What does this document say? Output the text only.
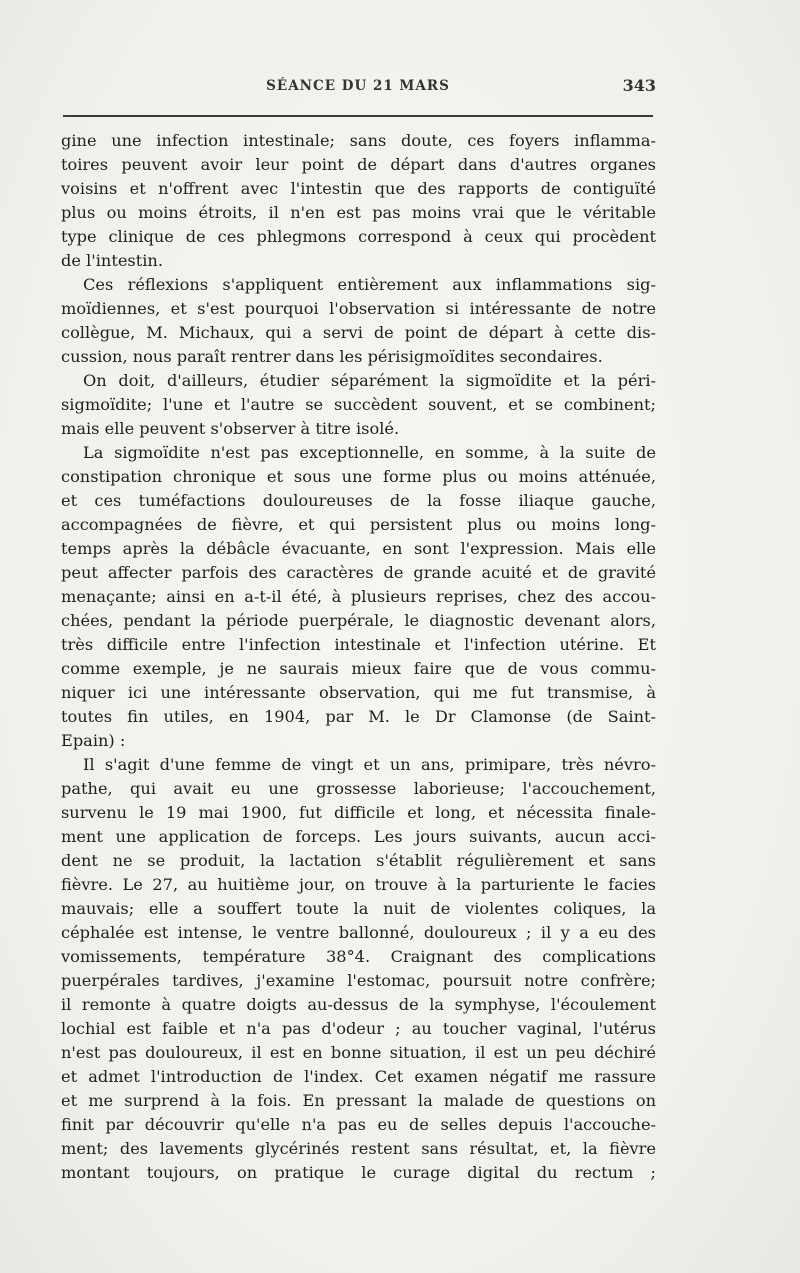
SÉANCE DU 21 MARS	343
gine une infection intestinale; sans doute, ces foyers inflamma-
toires peuvent avoir leur point de départ dans d'autres organes
voisins et n'offrent avec l'intestin que des rapports de contiguïté
plus ou moins étroits, il n'en est pas moins vrai que le véritable
type clinique de ces phlegmons correspond à ceux qui procèdent
de l'intestin.
Ces réflexions s'appliquent entièrement aux inflammations sig-
moïdiennes, et s'est pourquoi l'observation si intéressante de notre
collègue, M. Michaux, qui a servi de point de départ à cette dis-
cussion, nous paraît rentrer dans les périsigmoïdites secondaires.
On doit, d'ailleurs, étudier séparément la sigmoïdite et la péri-
sigmoïdite; l'une et l'autre se succèdent souvent, et se combinent;
mais elle peuvent s'observer à titre isolé.
La sigmoïdite n'est pas exceptionnelle, en somme, à la suite de
constipation chronique et sous une forme plus ou moins atténuée,
et ces tuméfactions douloureuses de la fosse iliaque gauche,
accompagnées de fièvre, et qui persistent plus ou moins long-
temps après la débâcle évacuante, en sont l'expression. Mais elle
peut affecter parfois des caractères de grande acuité et de gravité
menaçante; ainsi en a-t-il été, à plusieurs reprises, chez des accou-
chées, pendant la période puerpérale, le diagnostic devenant alors,
très difficile entre l'infection intestinale et l'infection utérine. Et
comme exemple, je ne saurais mieux faire que de vous commu-
niquer ici une intéressante observation, qui me fut transmise, à
toutes fin utiles, en 1904, par M. le Dr Clamonse (de Saint-
Epain) :
Il s'agit d'une femme de vingt et un ans, primipare, très névro-
pathe, qui avait eu une grossesse laborieuse; l'accouchement,
survenu le 19 mai 1900, fut difficile et long, et nécessita finale-
ment une application de forceps. Les jours suivants, aucun acci-
dent ne se produit, la lactation s'établit régulièrement et sans
fièvre. Le 27, au huitième jour, on trouve à la parturiente le facies
mauvais; elle a souffert toute la nuit de violentes coliques, la
céphalée est intense, le ventre ballonné, douloureux ; il y a eu des
vomissements, température 38°4. Craignant des complications
puerpérales tardives, j'examine l'estomac, poursuit notre confrère;
il remonte à quatre doigts au-dessus de la symphyse, l'écoulement
lochial est faible et n'a pas d'odeur ; au toucher vaginal, l'utérus
n'est pas douloureux, il est en bonne situation, il est un peu déchiré
et admet l'introduction de l'index. Cet examen négatif me rassure
et me surprend à la fois. En pressant la malade de questions on
finit par découvrir qu'elle n'a pas eu de selles depuis l'accouche-
ment; des lavements glycérinés restent sans résultat, et, la fièvre
montant toujours, on pratique le curage digital du rectum ;
